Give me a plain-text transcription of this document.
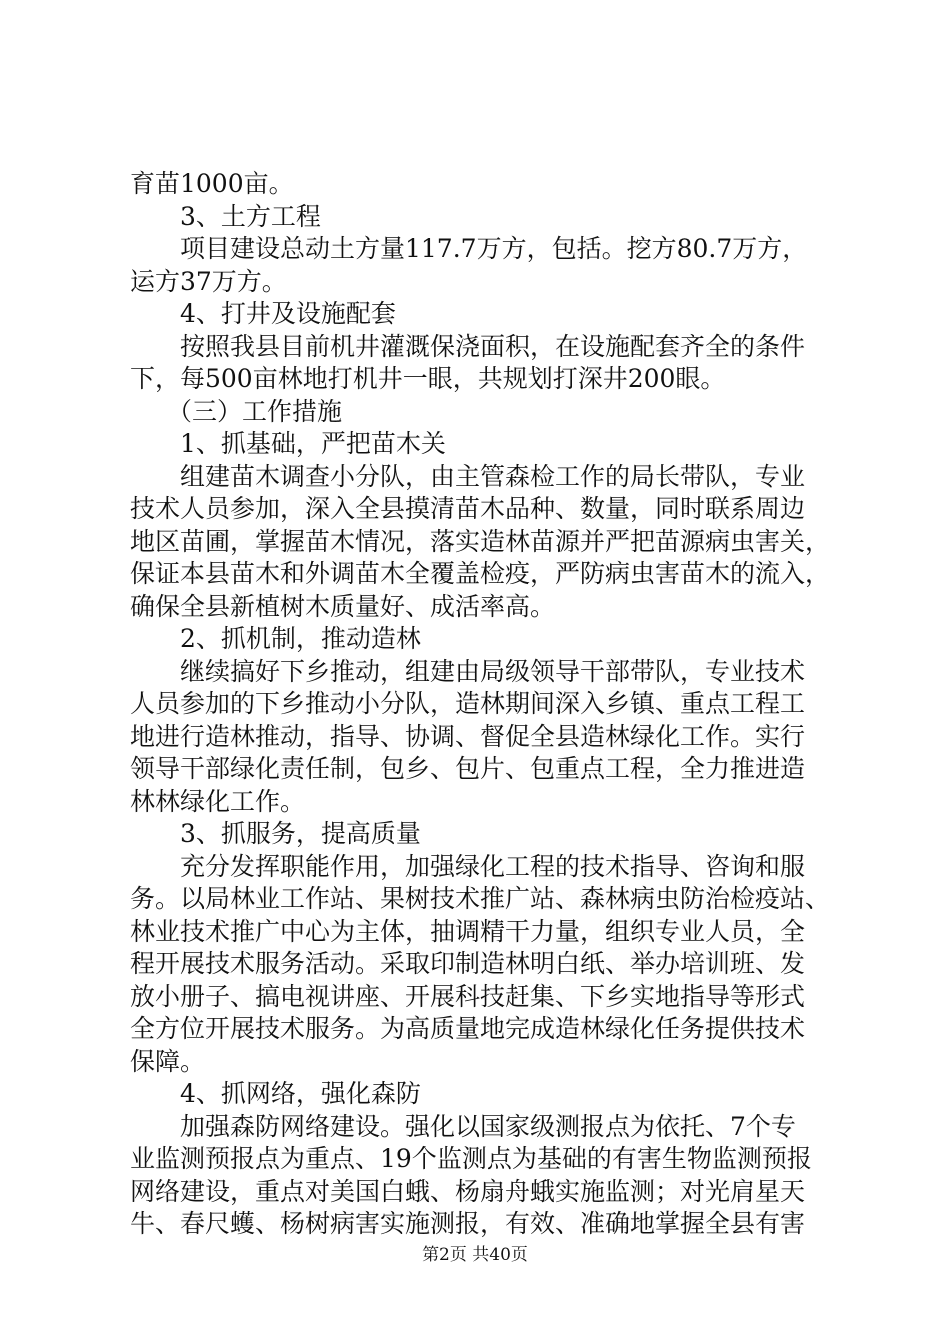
育苗1000亩。
3、土方工程
项目建设总动土方量117.7万方，包括。挖方80.7万方，
运方37万方。
4、打井及设施配套
按照我县目前机井灌溉保浇面积，在设施配套齐全的条件
下，每500亩林地打机井一眼，共规划打深井200眼。
（三）工作措施
1、抓基础，严把苗木关
组建苗木调查小分队，由主管森检工作的局长带队，专业
技术人员参加，深入全县摸清苗木品种、数量，同时联系周边
地区苗圃，掌握苗木情况，落实造林苗源并严把苗源病虫害关，
保证本县苗木和外调苗木全覆盖检疫，严防病虫害苗木的流入，
确保全县新植树木质量好、成活率高。
2、抓机制，推动造林
继续搞好下乡推动，组建由局级领导干部带队，专业技术
人员参加的下乡推动小分队，造林期间深入乡镇、重点工程工
地进行造林推动，指导、协调、督促全县造林绿化工作。实行
领导干部绿化责任制，包乡、包片、包重点工程，全力推进造
林林绿化工作。
3、抓服务，提高质量
充分发挥职能作用，加强绿化工程的技术指导、咨询和服
务。以局林业工作站、果树技术推广站、森林病虫防治检疫站、
林业技术推广中心为主体，抽调精干力量，组织专业人员，全
程开展技术服务活动。采取印制造林明白纸、举办培训班、发
放小册子、搞电视讲座、开展科技赶集、下乡实地指导等形式
全方位开展技术服务。为高质量地完成造林绿化任务提供技术
保障。
4、抓网络，强化森防
加强森防网络建设。强化以国家级测报点为依托、7个专
业监测预报点为重点、19个监测点为基础的有害生物监测预报
网络建设，重点对美国白蛾、杨扇舟蛾实施监测；对光肩星天
牛、春尺蠖、杨树病害实施测报，有效、准确地掌握全县有害
第2页 共40页
